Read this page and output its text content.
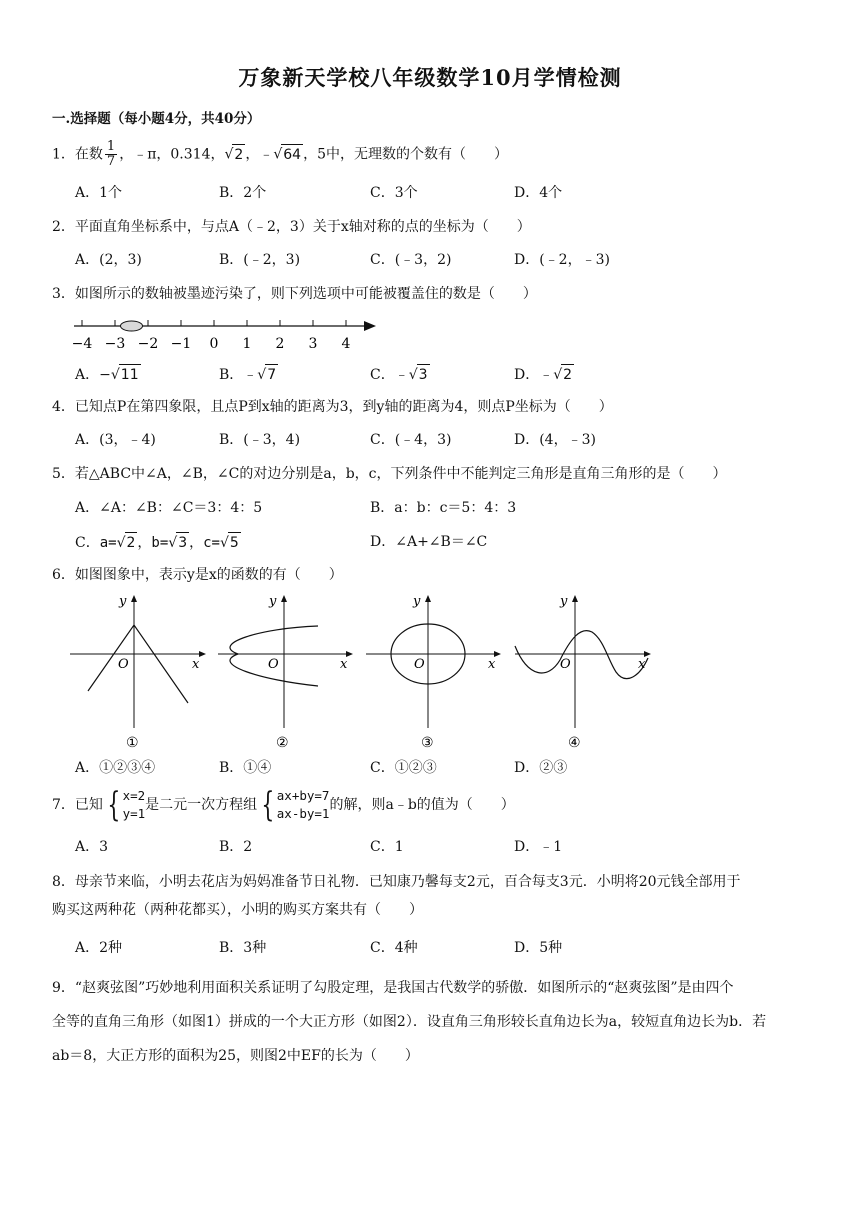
万象新天学校八年级数学10月学情检测
一.选择题（每小题4分，共40分）
1．在数 $\frac{1}{7}$ ，﹣π，0.314，√2 ，﹣√64 ，5中，无理数的个数有（　　）
A．1个	B．2个	C．3个	D．4个
2．平面直角坐标系中，与点A（﹣2，3）关于x轴对称的点的坐标为（　　）
A．(2，3)	B．(﹣2，3)	C．(﹣3，2)	D．(﹣2，﹣3)
3．如图所示的数轴被墨迹污染了，则下列选项中可能被覆盖住的数是（　　）
−4 −3 −2 −1 0 1 2 3 4
A．−√11	B．﹣√7	C．﹣√3	D．﹣√2
4．已知点P在第四象限，且点P到x轴的距离为3，到y轴的距离为4，则点P坐标为（　　）
A．(3，﹣4)	B．(﹣3，4)	C．(﹣4，3)	D．(4，﹣3)
5．若△ABC中∠A，∠B，∠C的对边分别是a，b，c，下列条件中不能判定三角形是直角三角形的是（　　）
A．∠A：∠B：∠C＝3：4：5	B．a：b：c＝5：4：3
C．a=√2 ，b=√3 ，c=√5	D．∠A+∠B＝∠C
6．如图图象中，表示y是x的函数的有（　　）
y
x
O
①
y
x
O
②
y
x
O
③
y
x
O
④
A．①②③④	B．①④	C．①②③	D．②③
7．已知 { x=2
y=1
是二元一次方程组 { ax+by=7
ax-by=1
的解，则a﹣b的值为（　　）
A．3	B．2	C．1	D．﹣1

8．母亲节来临，小明去花店为妈妈准备节日礼物．已知康乃馨每支2元，百合每支3元．小明将20元钱全部用于

购买这两种花（两种花都买），小明的购买方案共有（　　）

A．2种	B．3种	C．4种	D．5种

9．“赵爽弦图”巧妙地利用面积关系证明了勾股定理，是我国古代数学的骄傲．如图所示的“赵爽弦图”是由四个

全等的直角三角形（如图1）拼成的一个大正方形（如图2）．设直角三角形较长直角边长为a，较短直角边长为b．若

ab＝8，大正方形的面积为25，则图2中EF的长为（　　）
